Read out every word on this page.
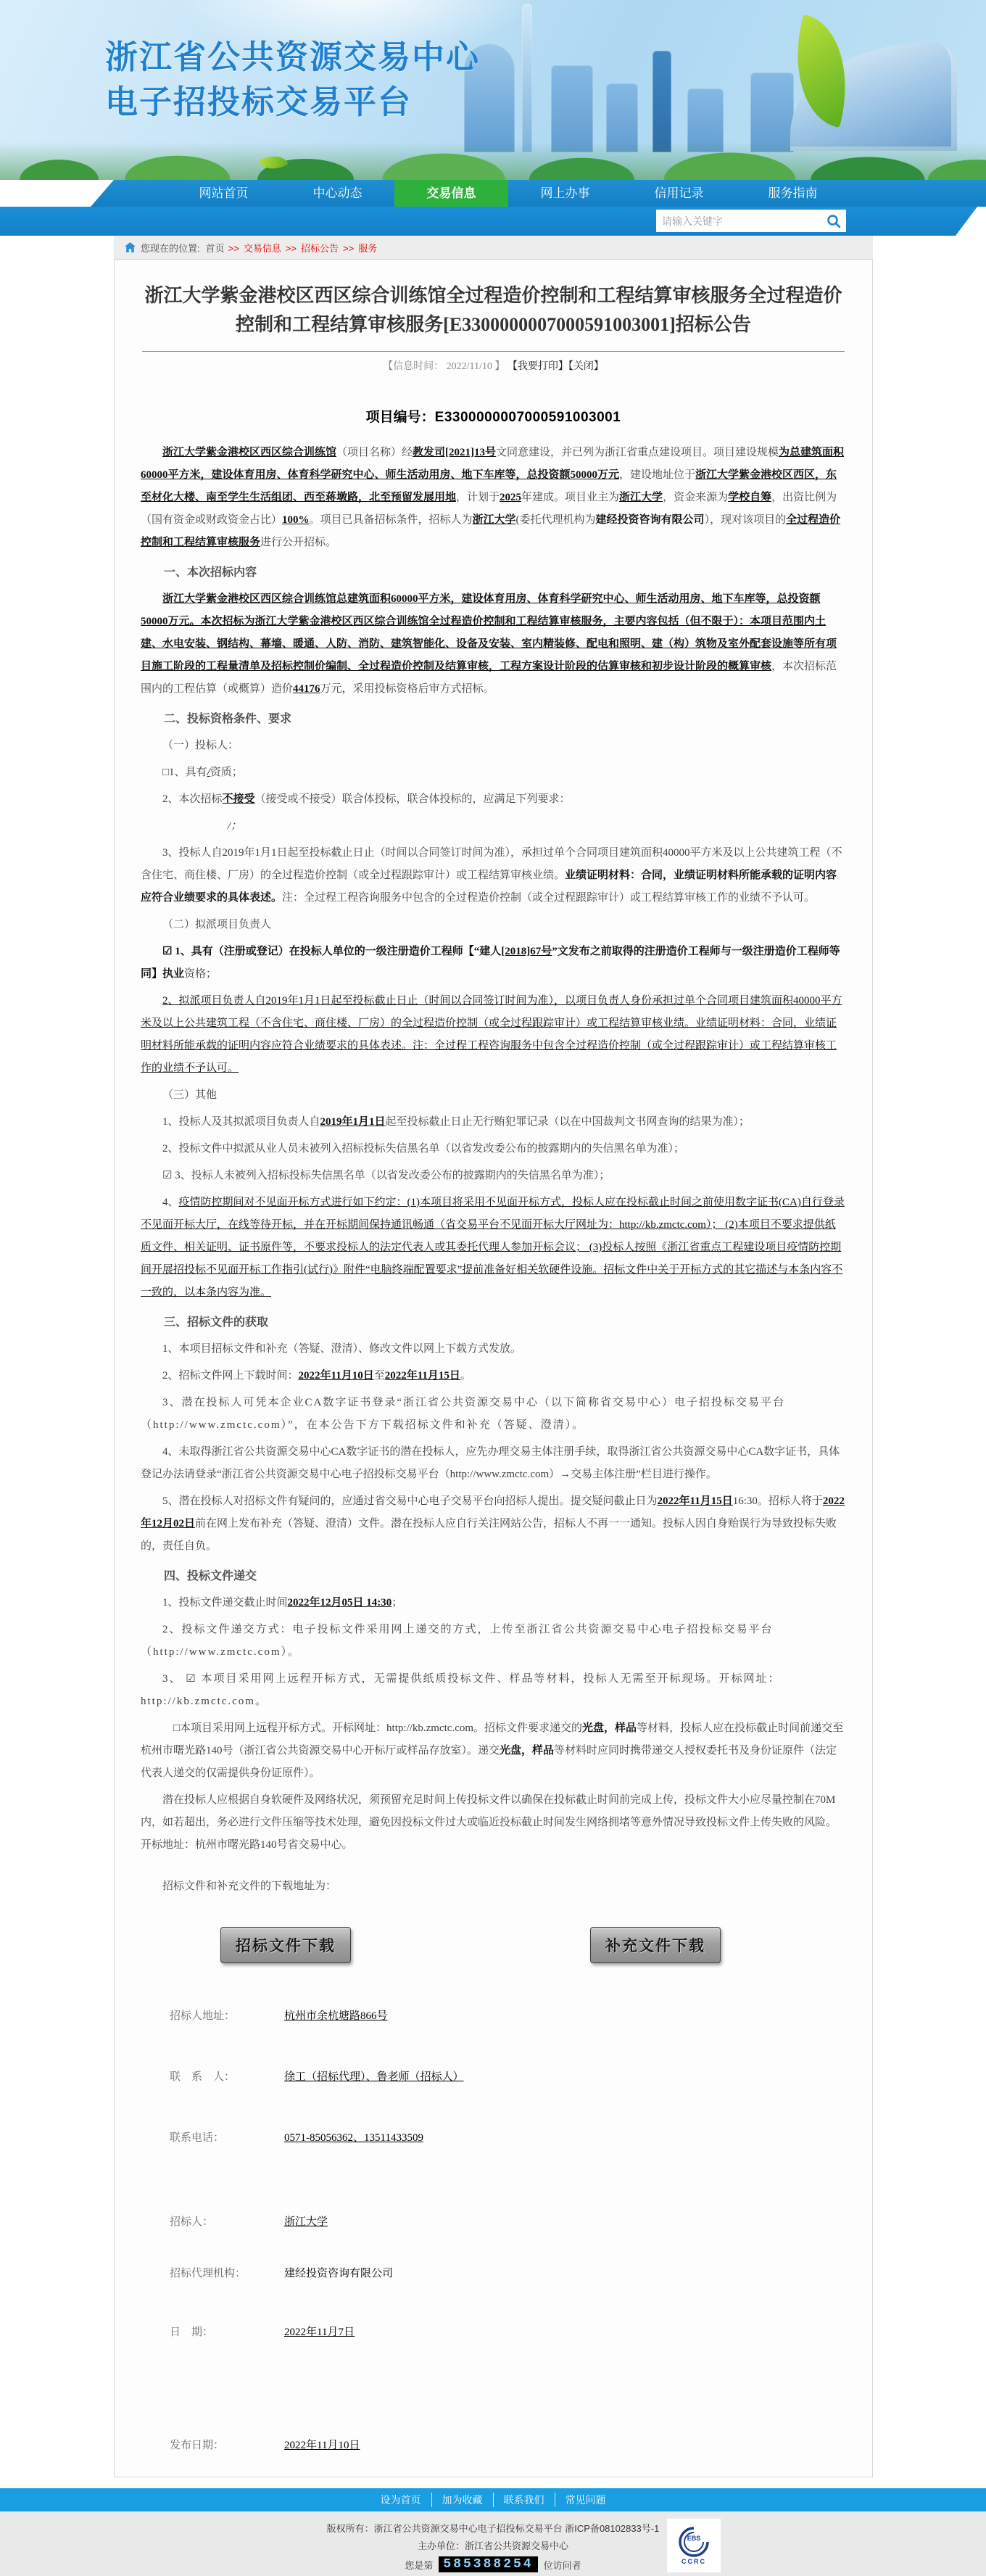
浙江省公共资源交易中心
电子招投标交易平台
网站首页	中心动态	交易信息	网上办事	信用记录	服务指南
请输入关键字
您现在的位置: 首页 >> 交易信息 >> 招标公告 >> 服务
浙江大学紫金港校区西区综合训练馆全过程造价控制和工程结算审核服务全过程造价控制和工程结算审核服务[E3300000007000591003001]招标公告
【信息时间： 2022/11/10 】 【我要打印】【关闭】
项目编号：E3300000007000591003001
浙江大学紫金港校区西区综合训练馆（项目名称）经教发司[2021]13号文同意建设，并已列为浙江省重点建设项目。项目建设规模为总建筑面积60000平方米，建设体育用房、体育科学研究中心、师生活动用房、地下车库等，总投资额50000万元，建设地址位于浙江大学紫金港校区西区，东至材化大楼、南至学生生活组团、西至蒋墩路，北至预留发展用地，计划于2025年建成。项目业主为浙江大学，资金来源为学校自筹，出资比例为（国有资金或财政资金占比）100%。项目已具备招标条件，招标人为浙江大学(委托代理机构为建经投资咨询有限公司），现对该项目的全过程造价控制和工程结算审核服务进行公开招标。
一、本次招标内容
浙江大学紫金港校区西区综合训练馆总建筑面积60000平方米，建设体育用房、体育科学研究中心、师生活动用房、地下车库等，总投资额50000万元。本次招标为浙江大学紫金港校区西区综合训练馆全过程造价控制和工程结算审核服务，主要内容包括（但不限于）：本项目范围内土建、水电安装、钢结构、幕墙、暖通、人防、消防、建筑智能化、设备及安装、室内精装修、配电和照明、建（构）筑物及室外配套设施等所有项目施工阶段的工程量清单及招标控制价编制、全过程造价控制及结算审核，工程方案设计阶段的估算审核和初步设计阶段的概算审核，本次招标范围内的工程估算（或概算）造价44176万元，采用投标资格后审方式招标。
二、投标资格条件、要求
（一）投标人：
□1、具有/资质；
2、本次招标不接受（接受或不接受）联合体投标，联合体投标的，应满足下列要求：
/；
3、投标人自2019年1月1日起至投标截止日止（时间以合同签订时间为准），承担过单个合同项目建筑面积40000平方米及以上公共建筑工程（不含住宅、商住楼、厂房）的全过程造价控制（或全过程跟踪审计）或工程结算审核业绩。业绩证明材料：合同，业绩证明材料所能承载的证明内容应符合业绩要求的具体表述。注：全过程工程咨询服务中包含的全过程造价控制（或全过程跟踪审计）或工程结算审核工作的业绩不予认可。
（二）拟派项目负责人
☑ 1、具有（注册或登记）在投标人单位的一级注册造价工程师【“建人[2018]67号”文发布之前取得的注册造价工程师与一级注册造价工程师等同】执业资格；
2、拟派项目负责人自2019年1月1日起至投标截止日止（时间以合同签订时间为准），以项目负责人身份承担过单个合同项目建筑面积40000平方米及以上公共建筑工程（不含住宅、商住楼、厂房）的全过程造价控制（或全过程跟踪审计）或工程结算审核业绩。业绩证明材料：合同，业绩证明材料所能承载的证明内容应符合业绩要求的具体表述。注：全过程工程咨询服务中包含全过程造价控制（或全过程跟踪审计）或工程结算审核工作的业绩不予认可。
（三）其他
1、投标人及其拟派项目负责人自2019年1月1日起至投标截止日止无行贿犯罪记录（以在中国裁判文书网查询的结果为准）；
2、投标文件中拟派从业人员未被列入招标投标失信黑名单（以省发改委公布的披露期内的失信黑名单为准）；
☑ 3、投标人未被列入招标投标失信黑名单（以省发改委公布的披露期内的失信黑名单为准）；
4、疫情防控期间对不见面开标方式进行如下约定：(1)本项目将采用不见面开标方式，投标人应在投标截止时间之前使用数字证书(CA)自行登录不见面开标大厅，在线等待开标，并在开标期间保持通讯畅通（省交易平台不见面开标大厅网址为：http://kb.zmctc.com）； (2)本项目不要求提供纸质文件、相关证明、证书原件等，不要求投标人的法定代表人或其委托代理人参加开标会议； (3)投标人按照《浙江省重点工程建设项目疫情防控期间开展招投标不见面开标工作指引(试行)》附件“电脑终端配置要求”提前准备好相关软硬件设施。招标文件中关于开标方式的其它描述与本条内容不一致的，以本条内容为准。
三、招标文件的获取
1、本项目招标文件和补充（答疑、澄清）、修改文件以网上下载方式发放。
2、招标文件网上下载时间：2022年11月10日至2022年11月15日。
3、潜在投标人可凭本企业CA数字证书登录“浙江省公共资源交易中心（以下简称省交易中心）电子招投标交易平台（http://www.zmctc.com）”，在本公告下方下载招标文件和补充（答疑、澄清）。
4、未取得浙江省公共资源交易中心CA数字证书的潜在投标人，应先办理交易主体注册手续，取得浙江省公共资源交易中心CA数字证书，具体登记办法请登录“浙江省公共资源交易中心电子招投标交易平台（http://www.zmctc.com）→交易主体注册”栏目进行操作。
5、潜在投标人对招标文件有疑问的，应通过省交易中心电子交易平台向招标人提出。提交疑问截止日为2022年11月15日16:30。招标人将于2022年12月02日前在网上发布补充（答疑、澄清）文件。潜在投标人应自行关注网站公告，招标人不再一一通知。投标人因自身贻误行为导致投标失败的，责任自负。
四、投标文件递交
1、投标文件递交截止时间2022年12月05日 14:30；
2、投标文件递交方式：电子投标文件采用网上递交的方式，上传至浙江省公共资源交易中心电子招投标交易平台（http://www.zmctc.com）。
3、 ☑ 本项目采用网上远程开标方式，无需提供纸质投标文件、样品等材料，投标人无需至开标现场。开标网址：http://kb.zmctc.com。
□本项目采用网上远程开标方式。开标网址：http://kb.zmctc.com。招标文件要求递交的光盘，样品等材料，投标人应在投标截止时间前递交至杭州市曙光路140号（浙江省公共资源交易中心开标厅或样品存放室）。递交光盘，样品等材料时应同时携带递交人授权委托书及身份证原件（法定代表人递交的仅需提供身份证原件）。
潜在投标人应根据自身软硬件及网络状况，须预留充足时间上传投标文件以确保在投标截止时间前完成上传，投标文件大小应尽量控制在70M内，如若超出，务必进行文件压缩等技术处理，避免因投标文件过大或临近投标截止时间发生网络拥堵等意外情况导致投标文件上传失败的风险。开标地址：杭州市曙光路140号省交易中心。
招标文件和补充文件的下载地址为：
招标文件下载	补充文件下载
招标人地址：	杭州市余杭塘路866号
联　系　人：	徐工（招标代理）、鲁老师（招标人）
联系电话：	0571-85056362、13511433509
招标人：	浙江大学
招标代理机构：	建经投资咨询有限公司
日　期：	2022年11月7日
发布日期：	2022年11月10日
设为首页	加为收藏	联系我们	常见问题
版权所有：浙江省公共资源交易中心电子招投标交易平台 浙ICP备08102833号-1
主办单位：浙江省公共资源交易中心
您是第 585388254	位访问者
EBS
CCRC
